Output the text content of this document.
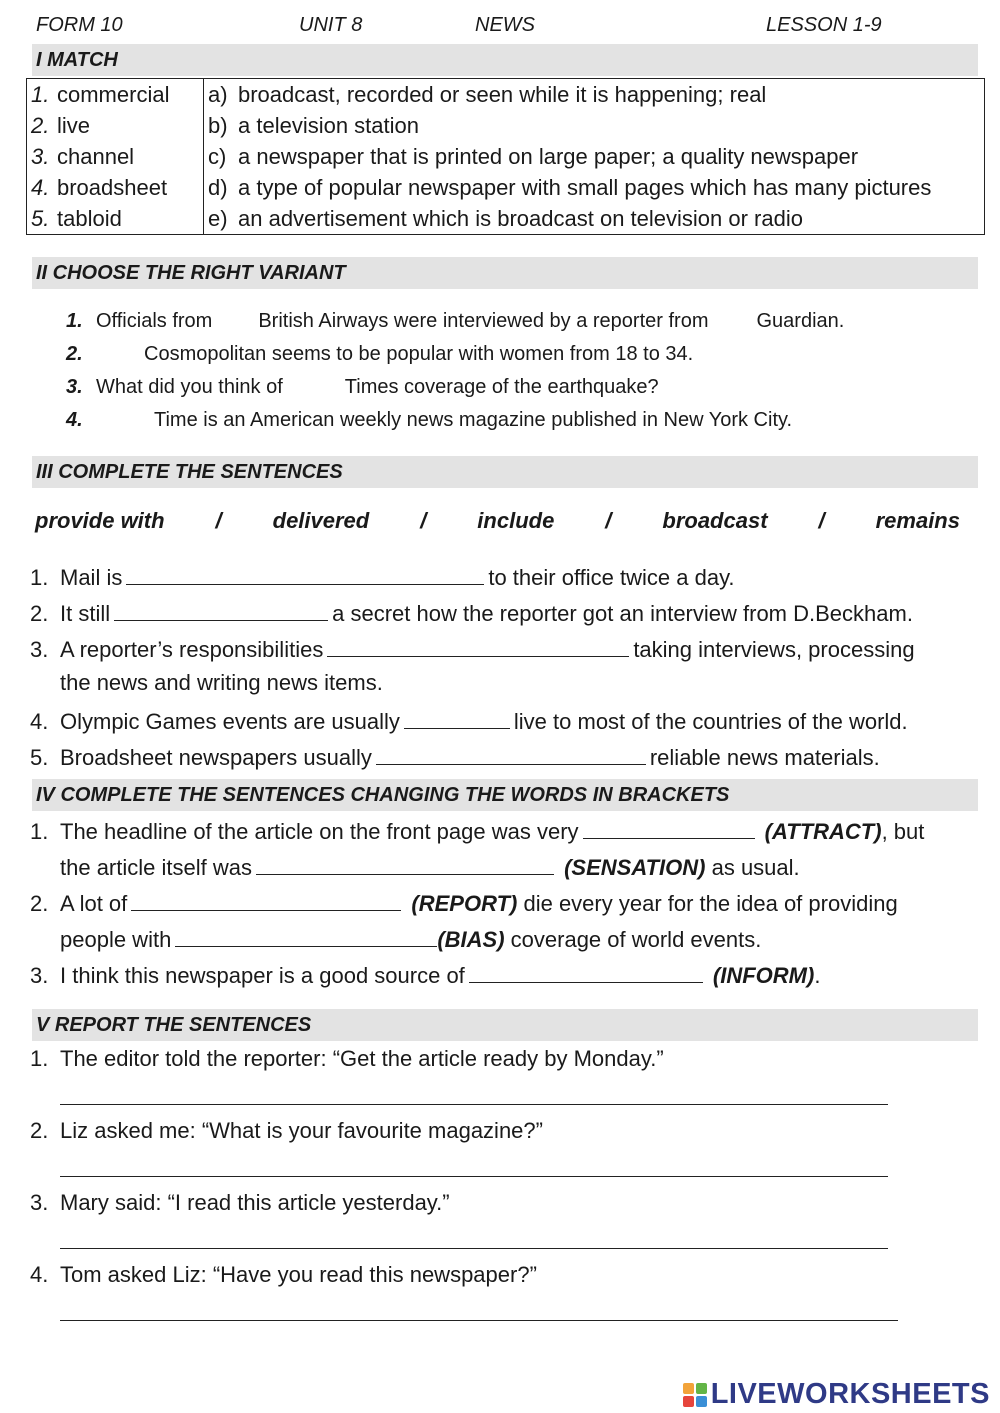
FORM 10	UNIT 8	NEWS	LESSON 1-9
I MATCH
1. commercial	a) broadcast, recorded or seen while it is happening; real
2. live	b) a television station
3. channel	c) a newspaper that is printed on large paper; a quality newspaper
4. broadsheet	d) a type of popular newspaper with small pages which has many pictures
5. tabloid	e) an advertisement which is broadcast on television or radio
II CHOOSE THE RIGHT VARIANT
1. Officials from British Airways were interviewed by a reporter from Guardian.
2.	Cosmopolitan seems to be popular with women from 18 to 34.
3. What did you think of	Times coverage of the earthquake?
4.	Time is an American weekly news magazine published in New York City.
III COMPLETE THE SENTENCES
provide with / delivered / include / broadcast / remains
1. Mail is	to their office twice a day.
2. It still	a secret how the reporter got an interview from D.Beckham.
3. A reporter’s responsibilities	taking interviews, processing
the news and writing news items.
4. Olympic Games events are usually	live to most of the countries of the world.
5. Broadsheet newspapers usually	reliable news materials.
IV COMPLETE THE SENTENCES CHANGING THE WORDS IN BRACKETS
1. The headline of the article on the front page was very	(ATTRACT), but
the article itself was	(SENSATION) as usual.
2. A lot of	(REPORT) die every year for the idea of providing
people with	(BIAS) coverage of world events.
3. I think this newspaper is a good source of	(INFORM).
V REPORT THE SENTENCES
1. The editor told the reporter: “Get the article ready by Monday.”
2. Liz asked me: “What is your favourite magazine?”
3. Mary said: “I read this article yesterday.”
4. Tom asked Liz: “Have you read this newspaper?”
LIVEWORKSHEETS
